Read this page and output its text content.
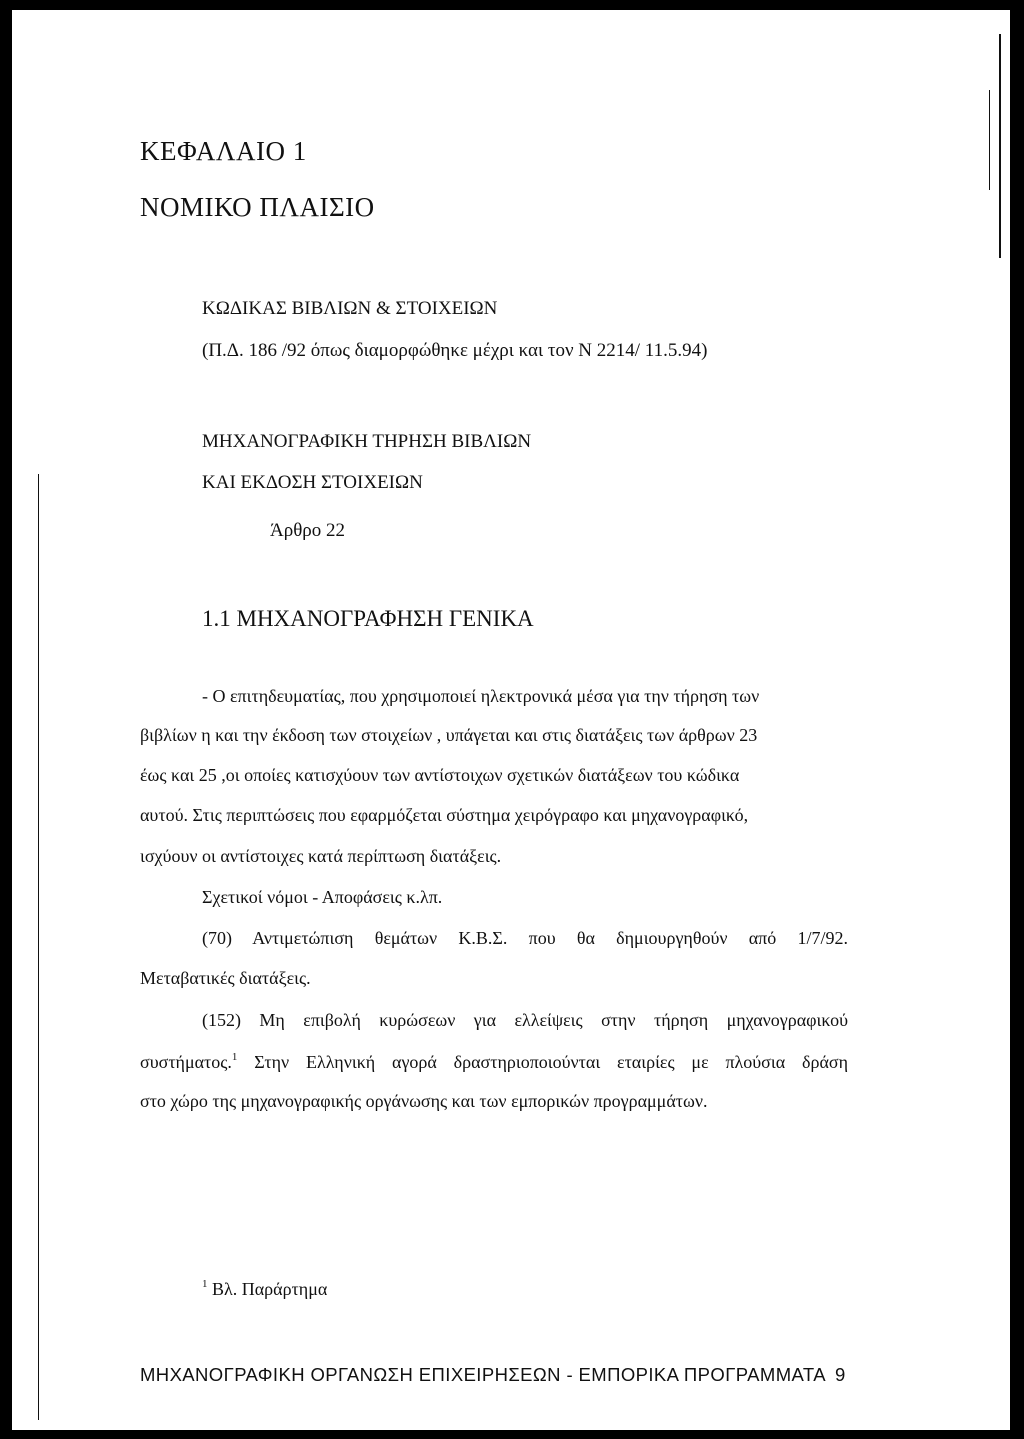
ΚΕΦΑΛΑΙΟ 1

ΝΟΜΙΚΟ ΠΛΑΙΣΙΟ

ΚΩΔΙΚΑΣ ΒΙΒΛΙΩΝ & ΣΤΟΙΧΕΙΩΝ

(Π.Δ. 186 /92 όπως διαμορφώθηκε μέχρι και τον Ν 2214/ 11.5.94)

ΜΗΧΑΝΟΓΡΑΦΙΚΗ ΤΗΡΗΣΗ ΒΙΒΛΙΩΝ

ΚΑΙ ΕΚΔΟΣΗ ΣΤΟΙΧΕΙΩΝ

Άρθρο 22

1.1 ΜΗΧΑΝΟΓΡΑΦΗΣΗ ΓΕΝΙΚΑ

- Ο επιτηδευματίας, που χρησιμοποιεί ηλεκτρονικά μέσα για την τήρηση των

βιβλίων η και την έκδοση των στοιχείων , υπάγεται και στις διατάξεις των άρθρων 23

έως και 25 ,οι οποίες κατισχύουν των αντίστοιχων σχετικών διατάξεων του κώδικα

αυτού. Στις περιπτώσεις που εφαρμόζεται σύστημα χειρόγραφο και μηχανογραφικό,

ισχύουν οι αντίστοιχες κατά περίπτωση διατάξεις.

Σχετικοί νόμοι - Αποφάσεις κ.λπ.

(70) Αντιμετώπιση θεμάτων Κ.Β.Σ. που θα δημιουργηθούν από 1/7/92.

Μεταβατικές διατάξεις.

(152) Μη επιβολή κυρώσεων για ελλείψεις στην τήρηση μηχανογραφικού

συστήματος.$^1$ Στην Ελληνική αγορά δραστηριοποιούνται εταιρίες με πλούσια δράση

στο χώρο της μηχανογραφικής οργάνωσης και των εμπορικών προγραμμάτων.

$^1$ Βλ. Παράρτημα

ΜΗΧΑΝΟΓΡΑΦΙΚΗ ΟΡΓΑΝΩΣΗ ΕΠΙΧΕΙΡΗΣΕΩΝ - ΕΜΠΟΡΙΚΑ ΠΡΟΓΡΑΜΜΑΤΑ 9
